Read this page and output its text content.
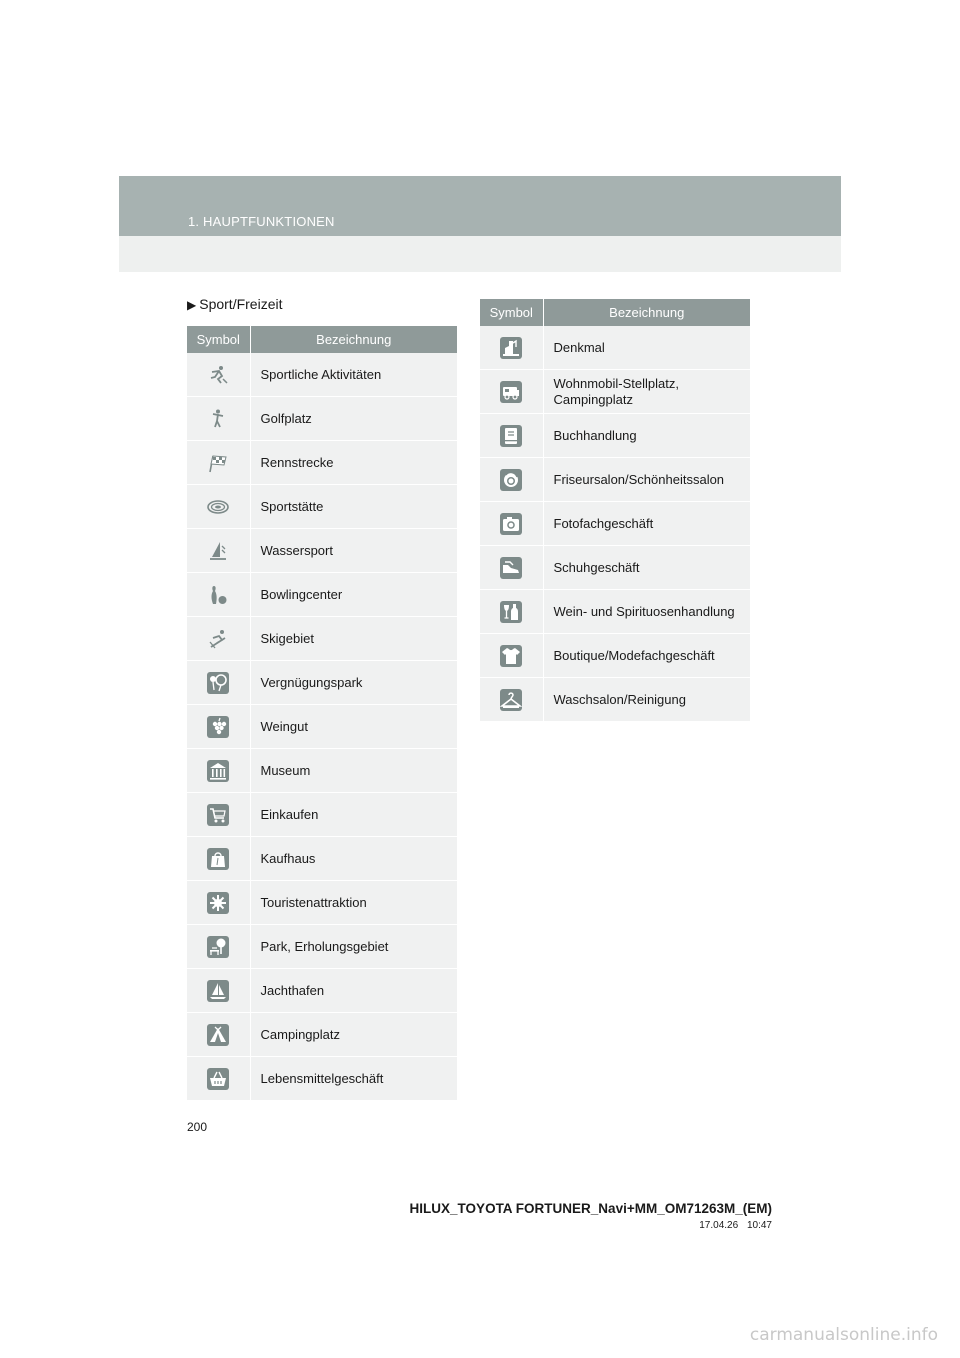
1. HAUPTFUNKTIONEN
▶ Sport/Freizeit
Symbol	Bezeichnung

	Sportliche Aktivitäten

	Golfplatz

	Rennstrecke

	Sportstätte

	Wassersport

	Bowlingcenter

	Skigebiet

	Vergnügungspark

	Weingut

	Museum

	Einkaufen

	Kaufhaus

	Touristenattraktion

	Park, Erholungsgebiet

	Jachthafen

	Campingplatz

	Lebensmittelgeschäft
Symbol	Bezeichnung

	Denkmal

	Wohnmobil-Stellplatz, Campingplatz

	Buchhandlung

	Friseursalon/Schönheitssalon

	Fotofachgeschäft

	Schuhgeschäft

	Wein- und Spirituosenhandlung

	Boutique/Modefachgeschäft

	Waschsalon/Reinigung
200
HILUX_TOYOTA FORTUNER_Navi+MM_OM71263M_(EM)
17.04.26 10:47
carmanualsonline.info
